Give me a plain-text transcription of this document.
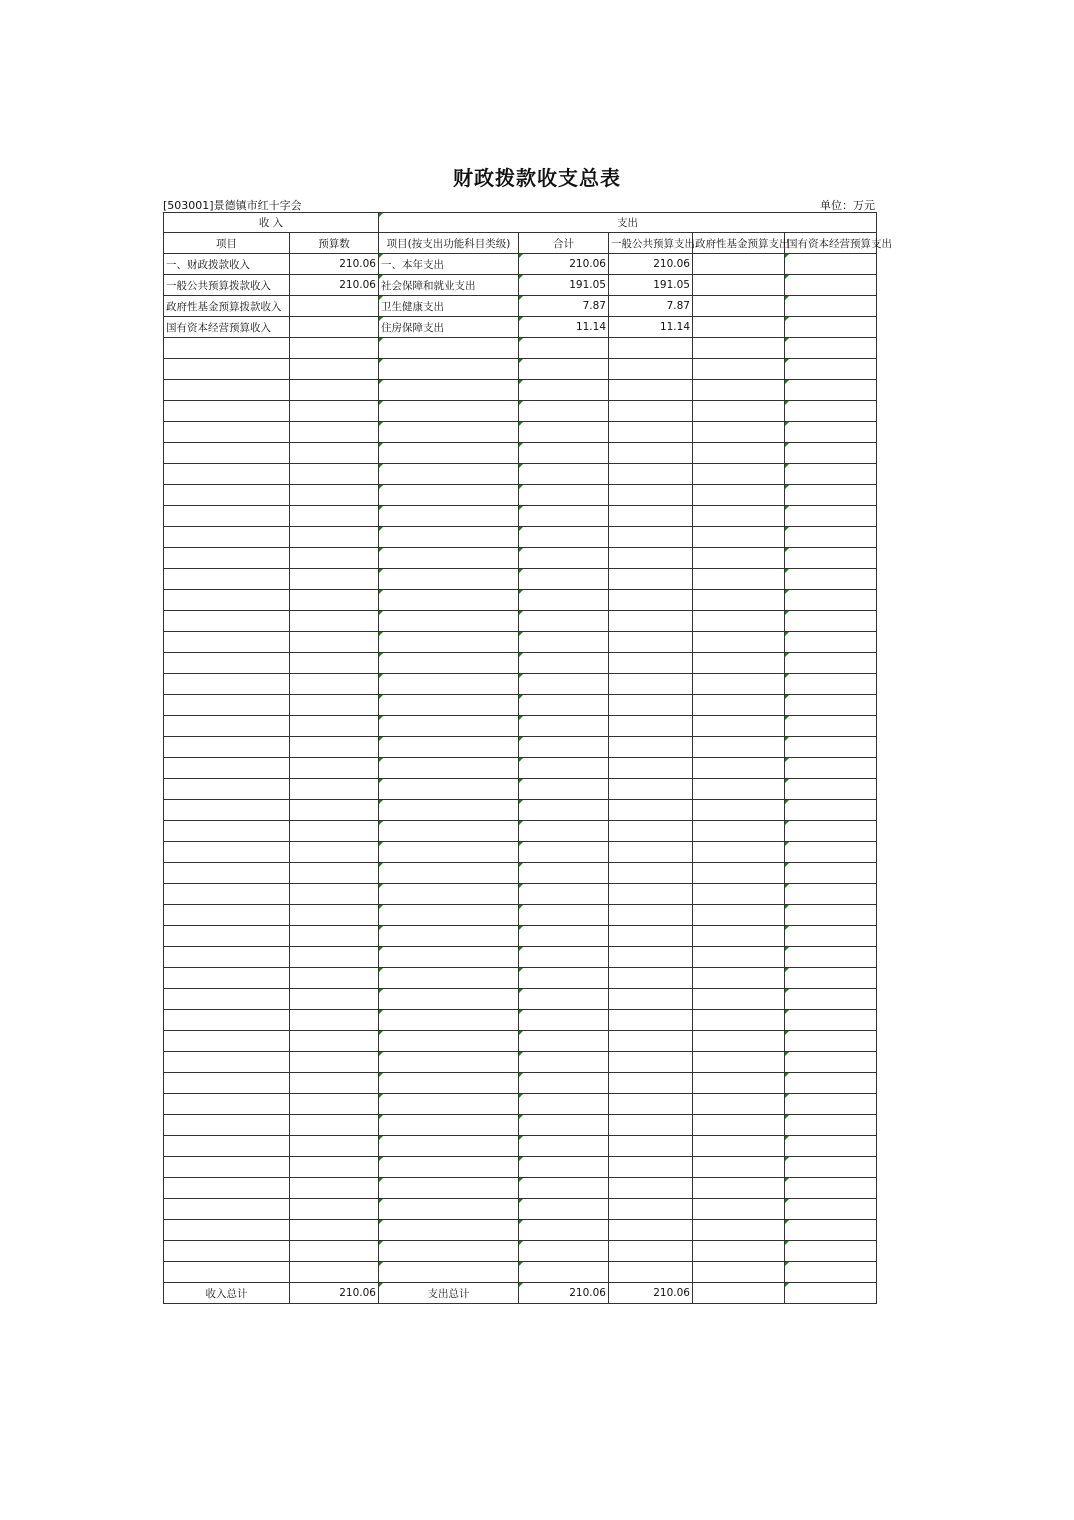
财政拨款收支总表
[503001]景德镇市红十字会	单位：万元
收 入		支出				
项目	预算数	项目(按支出功能科目类级)	合计	一般公共预算支出	政府性基金预算支出	国有资本经营预算支出
一、财政拨款收入	210.06	一、本年支出	210.06	210.06		
一般公共预算拨款收入	210.06	社会保障和就业支出	191.05	191.05		
政府性基金预算拨款收入		卫生健康支出	7.87	7.87		
国有资本经营预算收入		住房保障支出	11.14	11.14		

收入总计	210.06	支出总计	210.06	210.06		
